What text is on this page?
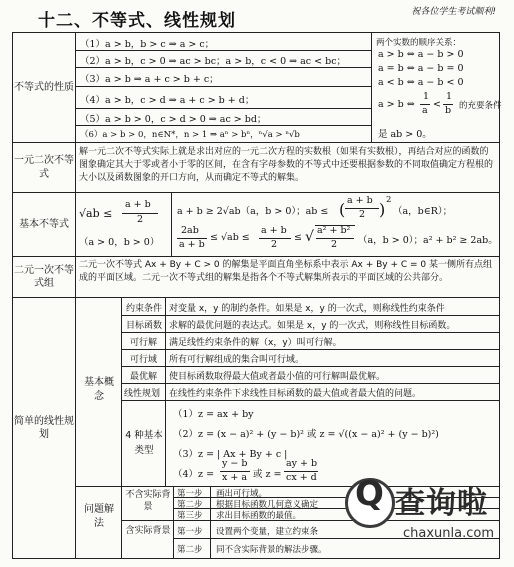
十二、不等式、线性规划	祝各位学生考试顺利!
不等式的性质
（1）a > b，b > c ⇒ a > c；
（2）a > b，c > 0 ⇒ ac > bc；a > b，c < 0 ⇒ ac < bc；
（3）a > b ⇒ a + c > b + c；
（4）a > b，c > d ⇒ a + c > b + d；
（5）a > b > 0，c > d > 0 ⇒ ac > bd；
（6）a > b > 0，n∈N*，n > 1 ⇒ aⁿ > bⁿ，ⁿ√a > ⁿ√b
两个实数的顺序关系：
a > b ⇔ a − b > 0
a = b ⇔ a − b = 0
a < b ⇔ a − b < 0
a > b ⇔
1
a
<
1
b 的充要条件
是 ab > 0。
一元二次不等式
解一元二次不等式实际上就是求出对应的一元二次方程的实数根（如果有实数根），再结合对应的函数的图象确定其大于零或者小于零的区间，在含有字母参数的不等式中还要根据参数的不同取值确定方程根的大小以及函数图象的开口方向，从而确定不等式的解集。
基本不等式
√ab ≤
a + b
2
（a > 0，b > 0）
a + b ≥ 2√ab（a，b > 0）；ab ≤ ( a + b
2 ) 2
（a，b∈R）；
2ab
a + b
≤ √ab ≤
a + b
2
≤ √ a² + b²
2 （a，b > 0）；a² + b² ≥ 2ab。
二元一次不等式组
二元一次不等式 Ax + By + C > 0 的解集是平面直角坐标系中表示 Ax + By + C = 0 某一侧所有点组成的平面区域。二元一次不等式组的解集是指各个不等式解集所表示的平面区域的公共部分。
简单的线性规划
基本概念
问题解法
约束条件 对变量 x，y 的制约条件。如果是 x，y 的一次式，则称线性约束条件
目标函数 求解的最优问题的表达式。如果是 x，y 的一次式，则称线性目标函数。
可行解 满足线性约束条件的解（x，y）叫可行解。
可行域 所有可行解组成的集合叫可行域。
最优解 使目标函数取得最大值或者最小值的可行解叫最优解。
线性规划 在线性约束条件下求线性目标函数的最大值或者最大值的问题。
4 种基本类型
（1）z = ax + by
（2）z = (x − a)² + (y − b)² 或 z = √((x − a)² + (y − b)²)
（3）z = | Ax + By + c |
（4）z =
y − b
x + a 或 z =
ay + b
cx + d
不含实际背景
含实际背景
第一步 画出可行域。
第二步 根据目标函数几何意义确定
第三步 求出目标函数的最值。
第一步 设置两个变量，建立约束条
第二步 同不含实际背景的解法步骤。
Q 查询啦
chaxunla.com
